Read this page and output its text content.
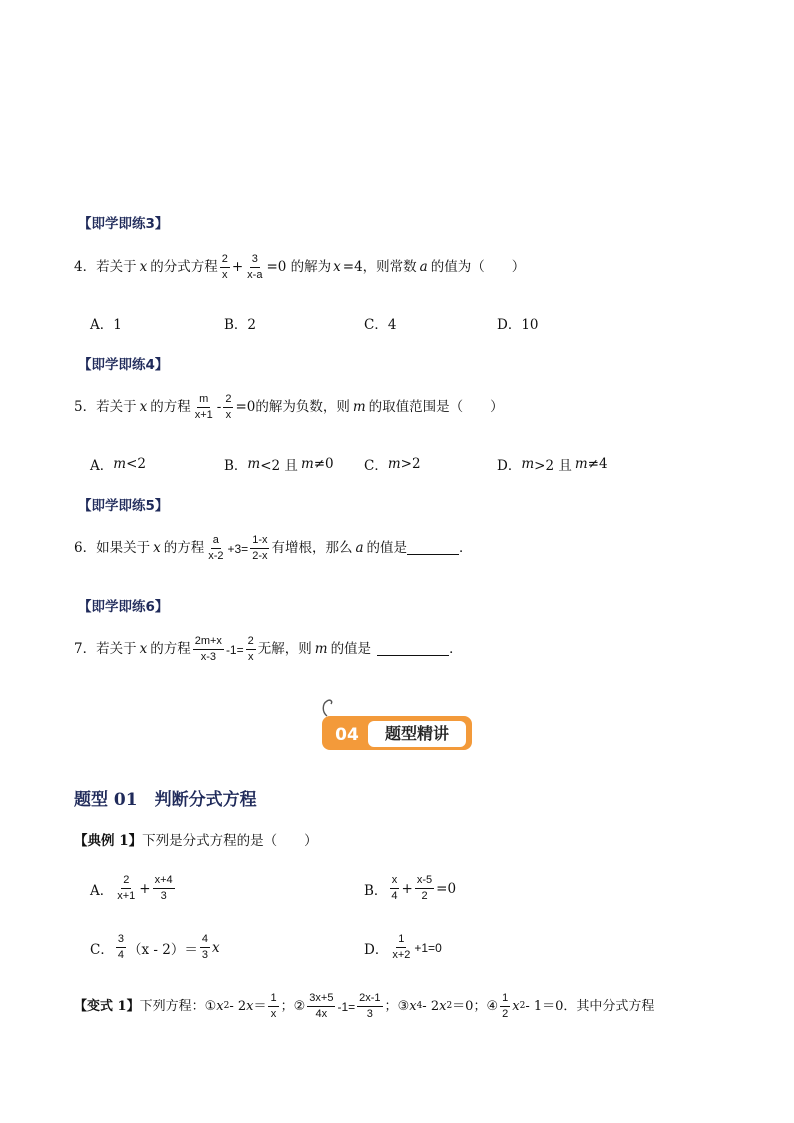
【即学即练3】
4．若关于 x 的分式方程 $\frac{2}{x} + \frac{3}{x-a} =0$ 的解为 x =4，则常数 a 的值为（　　）
A．1	B．2	C．4	D．10
【即学即练4】
5．若关于 x 的方程 $\frac{m}{x+1} - \frac{2}{x} =0$的解为负数，则 m 的取值范围是（　　）
A． m <2	B． m <2 且 m ≠0 C． m >2	D． m >2 且 m ≠4
【即学即练5】
6．如果关于 x 的方程 $\frac{a}{x-2} +3= \frac{1-x}{2-x}$ 有增根，那么 a 的值是	．
【即学即练6】
7．若关于 x 的方程 $\frac{2m+x}{x-3} -1= \frac{2}{x}$ 无解，则 m 的值是	．
04	题型精讲
题型 01　判断分式方程
【典例 1】 下列是分式方程的是（　　）
A． $\frac{2}{x+1} + \frac{x+4}{3}$	B． $\frac{x}{4} + \frac{x-5}{2} =0$
C． $\frac{3}{4} (x - 2)= \frac{4}{3}$ x	D． $\frac{1}{x+2} +1=0$
【变式 1】 下列方程： ① x 2 - 2 $x = \frac{1}{x}$ ； ② $\frac{3x+5}{4x} -1= \frac{2x-1}{3}$ ； ③ x 4 - 2 x 2 ＝0 ； ④ $\frac{1}{2}$ x 2 - 1＝0．其中分式方程
